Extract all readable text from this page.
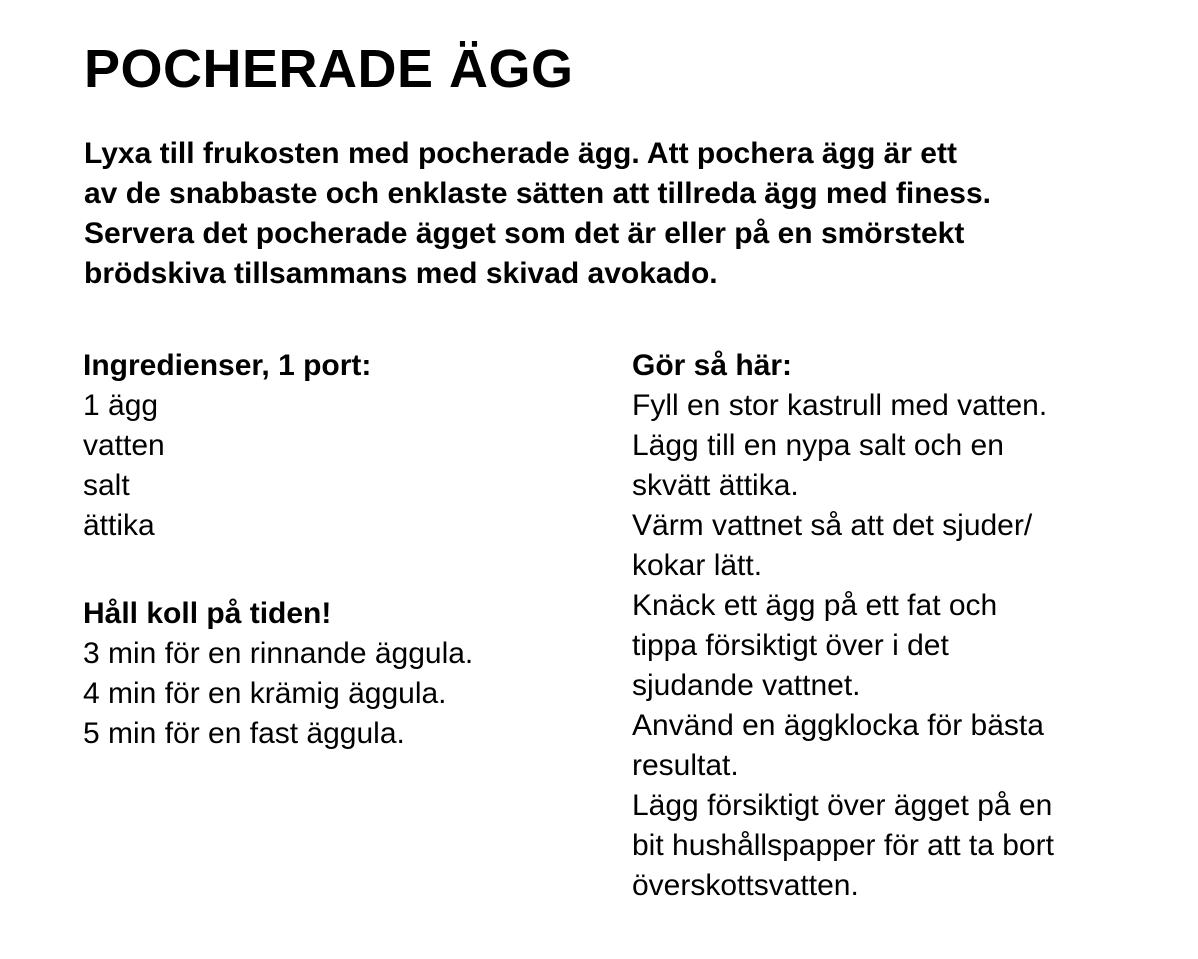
POCHERADE ÄGG

Lyxa till frukosten med pocherade ägg. Att pochera ägg är ett
av de snabbaste och enklaste sätten att tillreda ägg med finess.
Servera det pocherade ägget som det är eller på en smörstekt
brödskiva tillsammans med skivad avokado.

Ingredienser, 1 port:
1 ägg
vatten
salt
ättika
Håll koll på tiden!
3 min för en rinnande äggula.
4 min för en krämig äggula.
5 min för en fast äggula.
Gör så här:
Fyll en stor kastrull med vatten.
Lägg till en nypa salt och en
skvätt ättika.
Värm vattnet så att det sjuder/
kokar lätt.
Knäck ett ägg på ett fat och
tippa försiktigt över i det
sjudande vattnet.
Använd en äggklocka för bästa
resultat.
Lägg försiktigt över ägget på en
bit hushållspapper för att ta bort
överskottsvatten.
